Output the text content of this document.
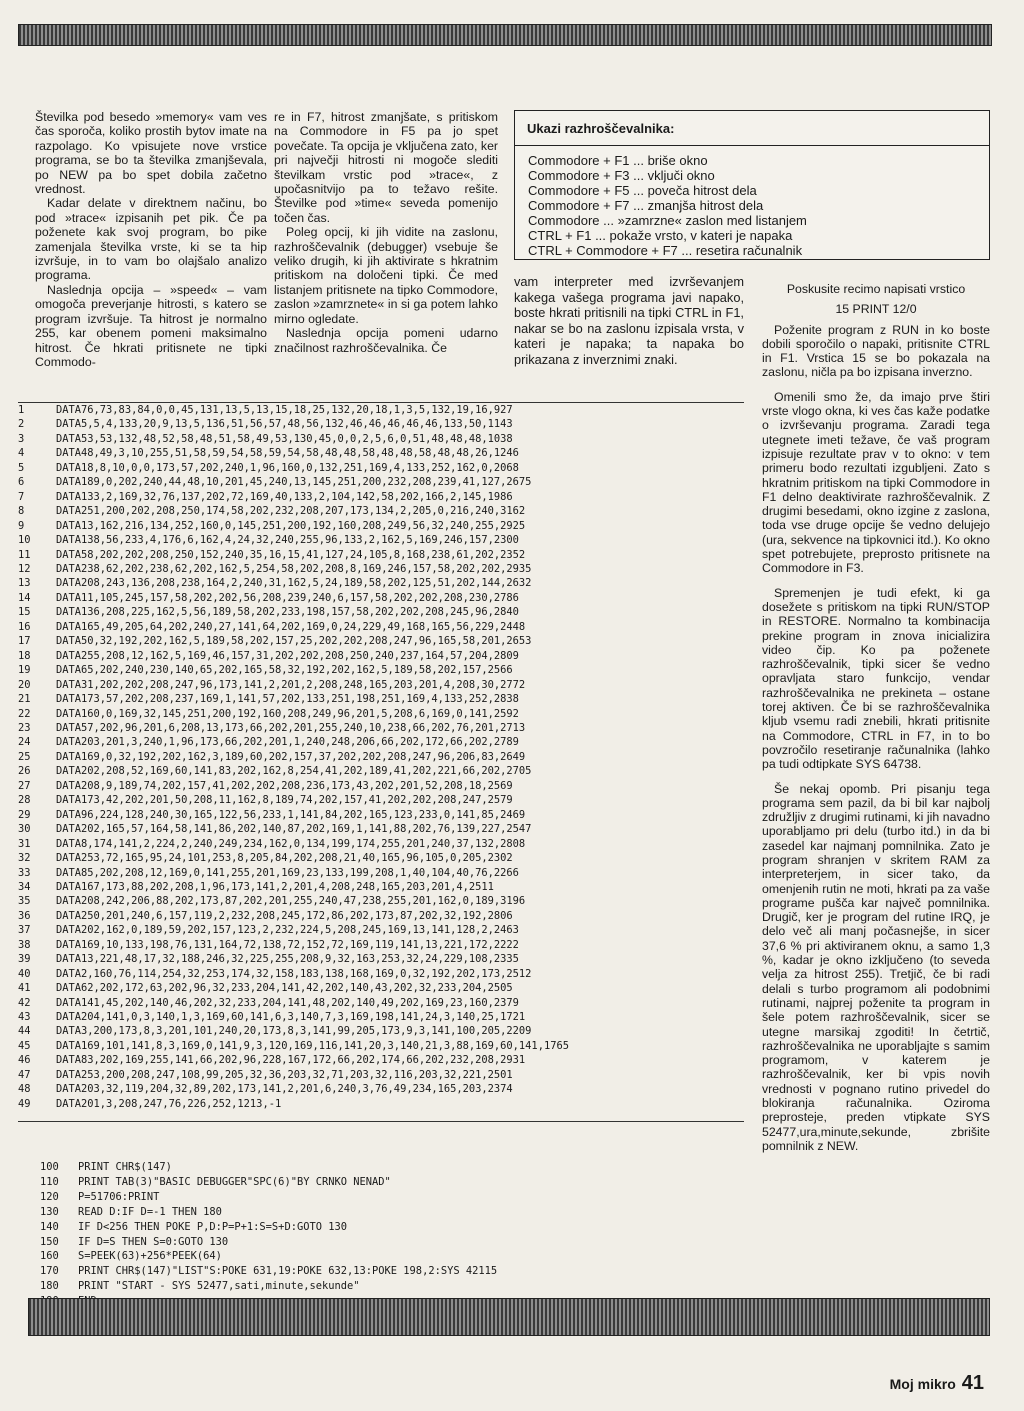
Številka pod besedo »memory« vam ves čas sporoča, koliko prostih bytov imate na razpolago. Ko vpisujete nove vrstice programa, se bo ta številka zmanjševala, po NEW pa bo spet dobila začetno vrednost.

Kadar delate v direktnem načinu, bo pod »trace« izpisanih pet pik. Če pa poženete kak svoj program, bo pike zamenjala številka vrste, ki se ta hip izvršuje, in to vam bo olajšalo analizo programa.

Naslednja opcija – »speed« – vam omogoča preverjanje hitrosti, s katero se program izvršuje. Ta hitrost je normalno 255, kar obenem pomeni maksimalno hitrost. Če hkrati pritisnete ne tipki Commodo-

re in F7, hitrost zmanjšate, s pritiskom na Commodore in F5 pa jo spet povečate. Ta opcija je vključena zato, ker pri največji hitrosti ni mogoče slediti številkam vrstic pod »trace«, z upočasnitvijo pa to težavo rešite. Številke pod »time« seveda pomenijo točen čas.

Poleg opcij, ki jih vidite na zaslonu, razhroščevalnik (debugger) vsebuje še veliko drugih, ki jih aktivirate s hkratnim pritiskom na določeni tipki. Če med listanjem pritisnete na tipko Commodore, zaslon »zamrznete« in si ga potem lahko mirno ogledate.

Naslednja opcija pomeni udarno značilnost razhroščevalnika. Če

Ukazi razhroščevalnika:
Commodore + F1 ... briše okno
Commodore + F3 ... vključi okno
Commodore + F5 ... poveča hitrost dela
Commodore + F7 ... zmanjša hitrost dela
Commodore ... »zamrzne« zaslon med listanjem
CTRL + F1 ... pokaže vrsto, v kateri je napaka
CTRL + Commodore + F7 ... resetira računalnik

vam interpreter med izvrševanjem kakega vašega programa javi napako, boste hkrati pritisnili na tipki CTRL in F1, nakar se bo na zaslonu izpisala vrsta, v kateri je napaka; ta napaka bo prikazana z inverznimi znaki.

Poskusite recimo napisati vrstico

15 PRINT 12/0

Poženite program z RUN in ko boste dobili sporočilo o napaki, pritisnite CTRL in F1. Vrstica 15 se bo pokazala na zaslonu, ničla pa bo izpisana inverzno.

Omenili smo že, da imajo prve štiri vrste vlogo okna, ki ves čas kaže podatke o izvrševanju programa. Zaradi tega utegnete imeti težave, če vaš program izpisuje rezultate prav v to okno: v tem primeru bodo rezultati izgubljeni. Zato s hkratnim pritiskom na tipki Commodore in F1 delno deaktivirate razhroščevalnik. Z drugimi besedami, okno izgine z zaslona, toda vse druge opcije še vedno delujejo (ura, sekvence na tipkovnici itd.). Ko okno spet potrebujete, preprosto pritisnete na Commodore in F3.

Spremenjen je tudi efekt, ki ga dosežete s pritiskom na tipki RUN/STOP in RESTORE. Normalno ta kombinacija prekine program in znova inicializira video čip. Ko pa poženete razhroščevalnik, tipki sicer še vedno opravljata staro funkcijo, vendar razhroščevalnika ne prekineta – ostane torej aktiven. Če bi se razhroščevalnika kljub vsemu radi znebili, hkrati pritisnite na Commodore, CTRL in F7, in to bo povzročilo resetiranje računalnika (lahko pa tudi odtipkate SYS 64738.

Še nekaj opomb. Pri pisanju tega programa sem pazil, da bi bil kar najbolj združljiv z drugimi rutinami, ki jih navadno uporabljamo pri delu (turbo itd.) in da bi zasedel kar najmanj pomnilnika. Zato je program shranjen v skritem RAM za interpreterjem, in sicer tako, da omenjenih rutin ne moti, hkrati pa za vaše programe pušča kar največ pomnilnika. Drugič, ker je program del rutine IRQ, je delo več ali manj počasnejše, in sicer 37,6 % pri aktiviranem oknu, a samo 1,3 %, kadar je okno izključeno (to seveda velja za hitrost 255). Tretjič, če bi radi delali s turbo programom ali podobnimi rutinami, najprej poženite ta program in šele potem razhroščevalnik, sicer se utegne marsikaj zgoditi! In četrtič, razhroščevalnika ne uporabljajte s samim programom, v katerem je razhroščevalnik, ker bi vpis novih vrednosti v pognano rutino privedel do blokiranja računalnika. Oziroma preprosteje, preden vtipkate SYS 52477,ura,minute,sekunde, zbrišite pomnilnik z NEW.

1	DATA76,73,83,84,0,0,45,131,13,5,13,15,18,25,132,20,18,1,3,5,132,19,16,927
2	DATA5,5,4,133,20,9,13,5,136,51,56,57,48,56,132,46,46,46,46,46,133,50,1143
3	DATA53,53,132,48,52,58,48,51,58,49,53,130,45,0,0,2,5,6,0,51,48,48,48,1038
4	DATA48,49,3,10,255,51,58,59,54,58,59,54,58,48,48,58,48,48,58,48,48,26,1246
5	DATA18,8,10,0,0,173,57,202,240,1,96,160,0,132,251,169,4,133,252,162,0,2068
6	DATA189,0,202,240,44,48,10,201,45,240,13,145,251,200,232,208,239,41,127,2675
7	DATA133,2,169,32,76,137,202,72,169,40,133,2,104,142,58,202,166,2,145,1986
8	DATA251,200,202,208,250,174,58,202,232,208,207,173,134,2,205,0,216,240,3162
9	DATA13,162,216,134,252,160,0,145,251,200,192,160,208,249,56,32,240,255,2925
10 DATA138,56,233,4,176,6,162,4,24,32,240,255,96,133,2,162,5,169,246,157,2300
11 DATA58,202,202,208,250,152,240,35,16,15,41,127,24,105,8,168,238,61,202,2352
12 DATA238,62,202,238,62,202,162,5,254,58,202,208,8,169,246,157,58,202,202,2935
13 DATA208,243,136,208,238,164,2,240,31,162,5,24,189,58,202,125,51,202,144,2632
14 DATA11,105,245,157,58,202,202,56,208,239,240,6,157,58,202,202,208,230,2786
15 DATA136,208,225,162,5,56,189,58,202,233,198,157,58,202,202,208,245,96,2840
16 DATA165,49,205,64,202,240,27,141,64,202,169,0,24,229,49,168,165,56,229,2448
17 DATA50,32,192,202,162,5,189,58,202,157,25,202,202,208,247,96,165,58,201,2653
18 DATA255,208,12,162,5,169,46,157,31,202,202,208,250,240,237,164,57,204,2809
19 DATA65,202,240,230,140,65,202,165,58,32,192,202,162,5,189,58,202,157,2566
20 DATA31,202,202,208,247,96,173,141,2,201,2,208,248,165,203,201,4,208,30,2772
21 DATA173,57,202,208,237,169,1,141,57,202,133,251,198,251,169,4,133,252,2838
22 DATA160,0,169,32,145,251,200,192,160,208,249,96,201,5,208,6,169,0,141,2592
23 DATA57,202,96,201,6,208,13,173,66,202,201,255,240,10,238,66,202,76,201,2713
24 DATA203,201,3,240,1,96,173,66,202,201,1,240,248,206,66,202,172,66,202,2789
25 DATA169,0,32,192,202,162,3,189,60,202,157,37,202,202,208,247,96,206,83,2649
26 DATA202,208,52,169,60,141,83,202,162,8,254,41,202,189,41,202,221,66,202,2705
27 DATA208,9,189,74,202,157,41,202,202,208,236,173,43,202,201,52,208,18,2569
28 DATA173,42,202,201,50,208,11,162,8,189,74,202,157,41,202,202,208,247,2579
29 DATA96,224,128,240,30,165,122,56,233,1,141,84,202,165,123,233,0,141,85,2469
30 DATA202,165,57,164,58,141,86,202,140,87,202,169,1,141,88,202,76,139,227,2547
31 DATA8,174,141,2,224,2,240,249,234,162,0,134,199,174,255,201,240,37,132,2808
32 DATA253,72,165,95,24,101,253,8,205,84,202,208,21,40,165,96,105,0,205,2302
33 DATA85,202,208,12,169,0,141,255,201,169,23,133,199,208,1,40,104,40,76,2266
34 DATA167,173,88,202,208,1,96,173,141,2,201,4,208,248,165,203,201,4,2511
35 DATA208,242,206,88,202,173,87,202,201,255,240,47,238,255,201,162,0,189,3196
36 DATA250,201,240,6,157,119,2,232,208,245,172,86,202,173,87,202,32,192,2806
37 DATA202,162,0,189,59,202,157,123,2,232,224,5,208,245,169,13,141,128,2,2463
38 DATA169,10,133,198,76,131,164,72,138,72,152,72,169,119,141,13,221,172,2222
39 DATA13,221,48,17,32,188,246,32,225,255,208,9,32,163,253,32,24,229,108,2335
40 DATA2,160,76,114,254,32,253,174,32,158,183,138,168,169,0,32,192,202,173,2512
41 DATA62,202,172,63,202,96,32,233,204,141,42,202,140,43,202,32,233,204,2505
42 DATA141,45,202,140,46,202,32,233,204,141,48,202,140,49,202,169,23,160,2379
43 DATA204,141,0,3,140,1,3,169,60,141,6,3,140,7,3,169,198,141,24,3,140,25,1721
44 DATA3,200,173,8,3,201,101,240,20,173,8,3,141,99,205,173,9,3,141,100,205,2209
45 DATA169,101,141,8,3,169,0,141,9,3,120,169,116,141,20,3,140,21,3,88,169,60,141,1765
46 DATA83,202,169,255,141,66,202,96,228,167,172,66,202,174,66,202,232,208,2931
47 DATA253,200,208,247,108,99,205,32,36,203,32,71,203,32,116,203,32,221,2501
48 DATA203,32,119,204,32,89,202,173,141,2,201,6,240,3,76,49,234,165,203,2374
49 DATA201,3,208,247,76,226,252,1213,-1
100 PRINT CHR$(147)
110 PRINT TAB(3)"BASIC DEBUGGER"SPC(6)"BY CRNKO NENAD"
120 P=51706:PRINT
130 READ D:IF D=-1 THEN 180
140 IF D<256 THEN POKE P,D:P=P+1:S=S+D:GOTO 130
150 IF D=S THEN S=0:GOTO 130
160 S=PEEK(63)+256*PEEK(64)
170 PRINT CHR$(147)"LIST"S:POKE 631,19:POKE 632,13:POKE 198,2:SYS 42115
180 PRINT "START - SYS 52477,sati,minute,sekunde"
Moj mikro 41
